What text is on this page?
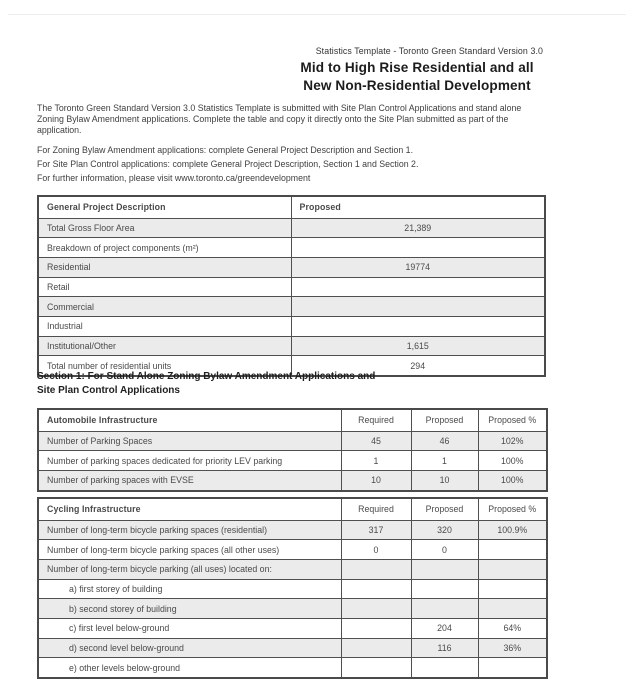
Statistics Template - Toronto Green Standard Version 3.0
Mid to High Rise Residential and all
New Non-Residential Development

The Toronto Green Standard Version 3.0 Statistics Template is submitted with Site Plan Control Applications and stand alone Zoning Bylaw Amendment applications. Complete the table and copy it directly onto the Site Plan submitted as part of the application.

For Zoning Bylaw Amendment applications: complete General Project Description and Section 1.

For Site Plan Control applications: complete General Project Description, Section 1 and Section 2.

For further information, please visit www.toronto.ca/greendevelopment

General Project Description	Proposed
Total Gross Floor Area	21,389
Breakdown of project components (m²)	
Residential	19774
Retail	
Commercial	
Industrial	
Institutional/Other	1,615
Total number of residential units	294
Section 1: For Stand Alone Zoning Bylaw Amendment Applications and
Site Plan Control Applications
Automobile Infrastructure	Required	Proposed	Proposed %
Number of Parking Spaces	45	46	102%
Number of parking spaces dedicated for priority LEV parking	1	1	100%
Number of parking spaces with EVSE	10	10	100%
Cycling Infrastructure	Required	Proposed	Proposed %
Number of long-term bicycle parking spaces (residential)	317	320	100.9%
Number of long-term bicycle parking spaces (all other uses)	0	0	
Number of long-term bicycle parking (all uses) located on:			
a) first storey of building			
b) second storey of building			
c) first level below-ground		204	64%
d) second level below-ground		116	36%
e) other levels below-ground			
